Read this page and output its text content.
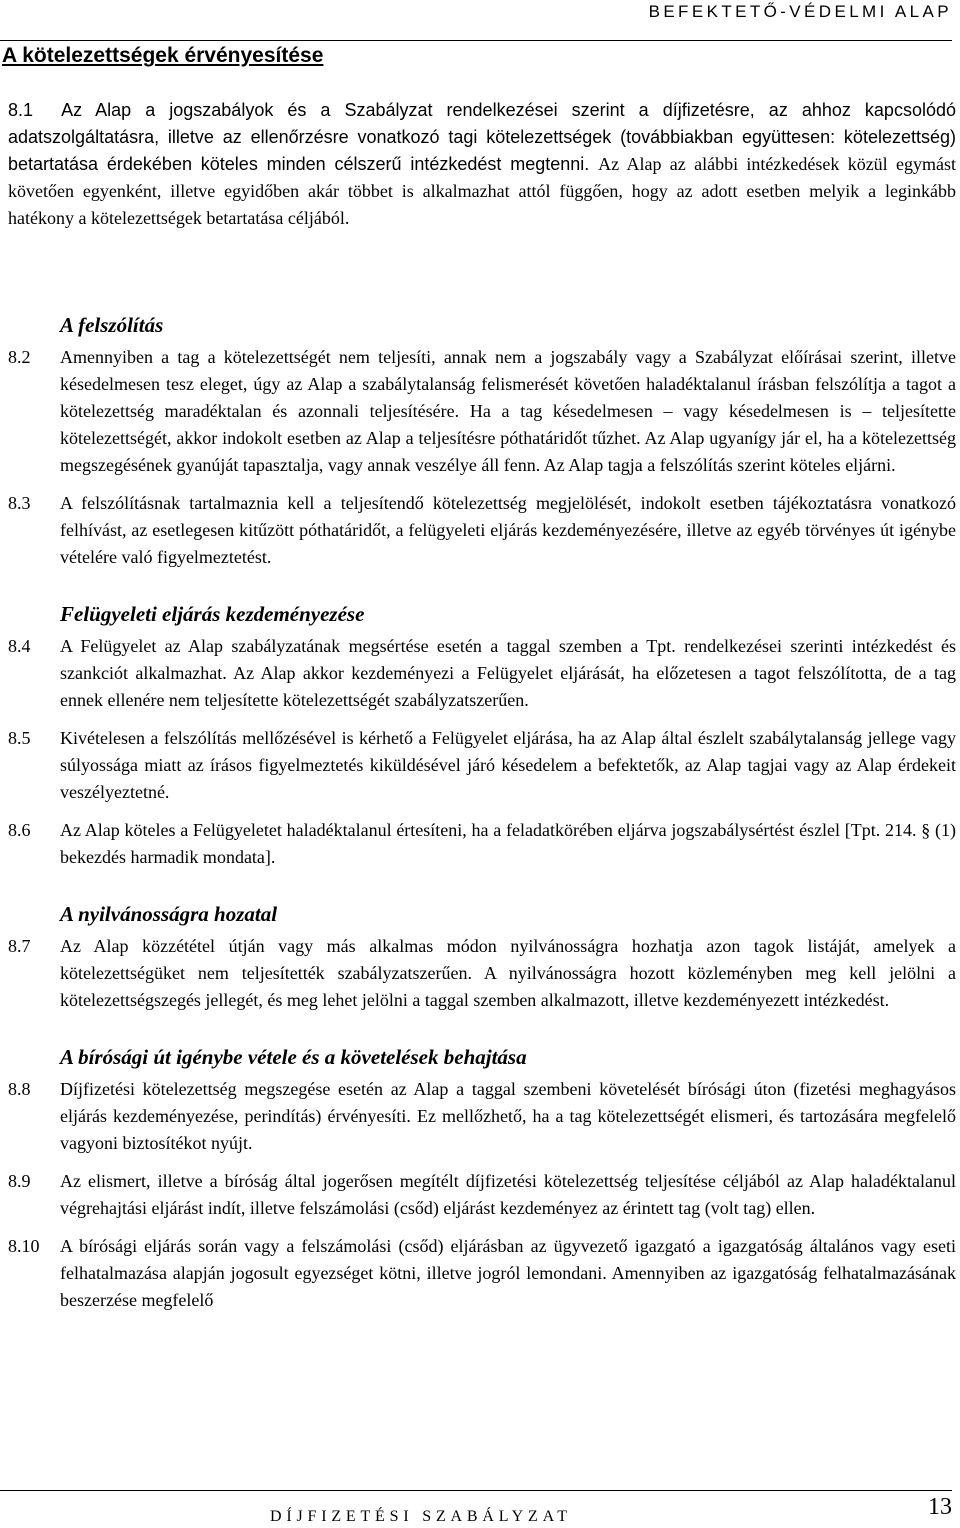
BEFEKTETŐ-VÉDELMI ALAP
A kötelezettségek érvényesítése
8.1 Az Alap a jogszabályok és a Szabályzat rendelkezései szerint a díjfizetésre, az ahhoz kapcsolódó adatszolgáltatásra, illetve az ellenőrzésre vonatkozó tagi kötelezettségek (továbbiakban együttesen: kötelezettség) betartatása érdekében köteles minden célszerű intézkedést megtenni. Az Alap az alábbi intézkedések közül egymást követően egyenként, illetve egyidőben akár többet is alkalmazhat attól függően, hogy az adott esetben melyik a leginkább hatékony a kötelezettségek betartatása céljából.
A felszólítás
8.2	Amennyiben a tag a kötelezettségét nem teljesíti, annak nem a jogszabály vagy a Szabályzat előírásai szerint, illetve késedelmesen tesz eleget, úgy az Alap a szabálytalanság felismerését követően haladéktalanul írásban felszólítja a tagot a kötelezettség maradéktalan és azonnali teljesítésére. Ha a tag késedelmesen – vagy késedelmesen is – teljesítette kötelezettségét, akkor indokolt esetben az Alap a teljesítésre póthatáridőt tűzhet. Az Alap ugyanígy jár el, ha a kötelezettség megszegésének gyanúját tapasztalja, vagy annak veszélye áll fenn. Az Alap tagja a felszólítás szerint köteles eljárni.
8.3	A felszólításnak tartalmaznia kell a teljesítendő kötelezettség megjelölését, indokolt esetben tájékoztatásra vonatkozó felhívást, az esetlegesen kitűzött póthatáridőt, a felügyeleti eljárás kezdeményezésére, illetve az egyéb törvényes út igénybe vételére való figyelmeztetést.
Felügyeleti eljárás kezdeményezése
8.4	A Felügyelet az Alap szabályzatának megsértése esetén a taggal szemben a Tpt. rendelkezései szerinti intézkedést és szankciót alkalmazhat. Az Alap akkor kezdeményezi a Felügyelet eljárását, ha előzetesen a tagot felszólította, de a tag ennek ellenére nem teljesítette kötelezettségét szabályzatszerűen.
8.5	Kivételesen a felszólítás mellőzésével is kérhető a Felügyelet eljárása, ha az Alap által észlelt szabálytalanság jellege vagy súlyossága miatt az írásos figyelmeztetés kiküldésével járó késedelem a befektetők, az Alap tagjai vagy az Alap érdekeit veszélyeztetné.
8.6	Az Alap köteles a Felügyeletet haladéktalanul értesíteni, ha a feladatkörében eljárva jogszabálysértést észlel [Tpt. 214. § (1) bekezdés harmadik mondata].
A nyilvánosságra hozatal
8.7	Az Alap közzététel útján vagy más alkalmas módon nyilvánosságra hozhatja azon tagok listáját, amelyek a kötelezettségüket nem teljesítették szabályzatszerűen. A nyilvánosságra hozott közleményben meg kell jelölni a kötelezettségszegés jellegét, és meg lehet jelölni a taggal szemben alkalmazott, illetve kezdeményezett intézkedést.
A bírósági út igénybe vétele és a követelések behajtása
8.8	Díjfizetési kötelezettség megszegése esetén az Alap a taggal szembeni követelését bírósági úton (fizetési meghagyásos eljárás kezdeményezése, perindítás) érvényesíti. Ez mellőzhető, ha a tag kötelezettségét elismeri, és tartozására megfelelő vagyoni biztosítékot nyújt.
8.9	Az elismert, illetve a bíróság által jogerősen megítélt díjfizetési kötelezettség teljesítése céljából az Alap haladéktalanul végrehajtási eljárást indít, illetve felszámolási (csőd) eljárást kezdeményez az érintett tag (volt tag) ellen.
8.10	A bírósági eljárás során vagy a felszámolási (csőd) eljárásban az ügyvezető igazgató a igazgatóság általános vagy eseti felhatalmazása alapján jogosult egyezséget kötni, illetve jogról lemondani. Amennyiben az igazgatóság felhatalmazásának beszerzése megfelelő
DÍJFIZETÉSI SZABÁLYZAT	13
